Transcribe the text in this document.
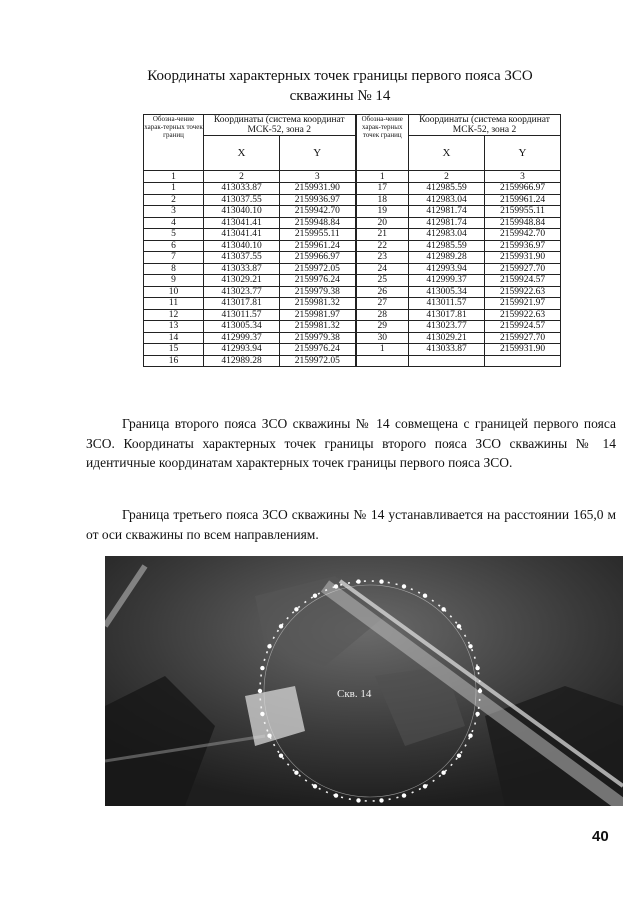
Координаты характерных точек границы первого пояса ЗСО
скважины № 14
Обозна-чение харак-терных точек границ	Координаты (система координат МСК-52, зона 2		Обозна-чение харак-терных точек границ	Координаты (система координат МСК-52, зона 2	
	X	Y		X	Y
1	2	3	1	2	3
1	413033.87	2159931.90	17	412985.59	2159966.97
2	413037.55	2159936.97	18	412983.04	2159961.24
3	413040.10	2159942.70	19	412981.74	2159955.11
4	413041.41	2159948.84	20	412981.74	2159948.84
5	413041.41	2159955.11	21	412983.04	2159942.70
6	413040.10	2159961.24	22	412985.59	2159936.97
7	413037.55	2159966.97	23	412989.28	2159931.90
8	413033.87	2159972.05	24	412993.94	2159927.70
9	413029.21	2159976.24	25	412999.37	2159924.57
10	413023.77	2159979.38	26	413005.34	2159922.63
11	413017.81	2159981.32	27	413011.57	2159921.97
12	413011.57	2159981.97	28	413017.81	2159922.63
13	413005.34	2159981.32	29	413023.77	2159924.57
14	412999.37	2159979.38	30	413029.21	2159927.70
15	412993.94	2159976.24	1	413033.87	2159931.90
16	412989.28	2159972.05			

Граница второго пояса ЗСО скважины № 14 совмещена с границей первого пояса ЗСО. Координаты характерных точек границы второго пояса ЗСО скважины № 14 идентичные координатам характерных точек границы первого пояса ЗСО.

Граница третьего пояса ЗСО скважины № 14 устанавливается на расстоянии 165,0 м от оси скважины по всем направлениям.

Скв. 14
40
